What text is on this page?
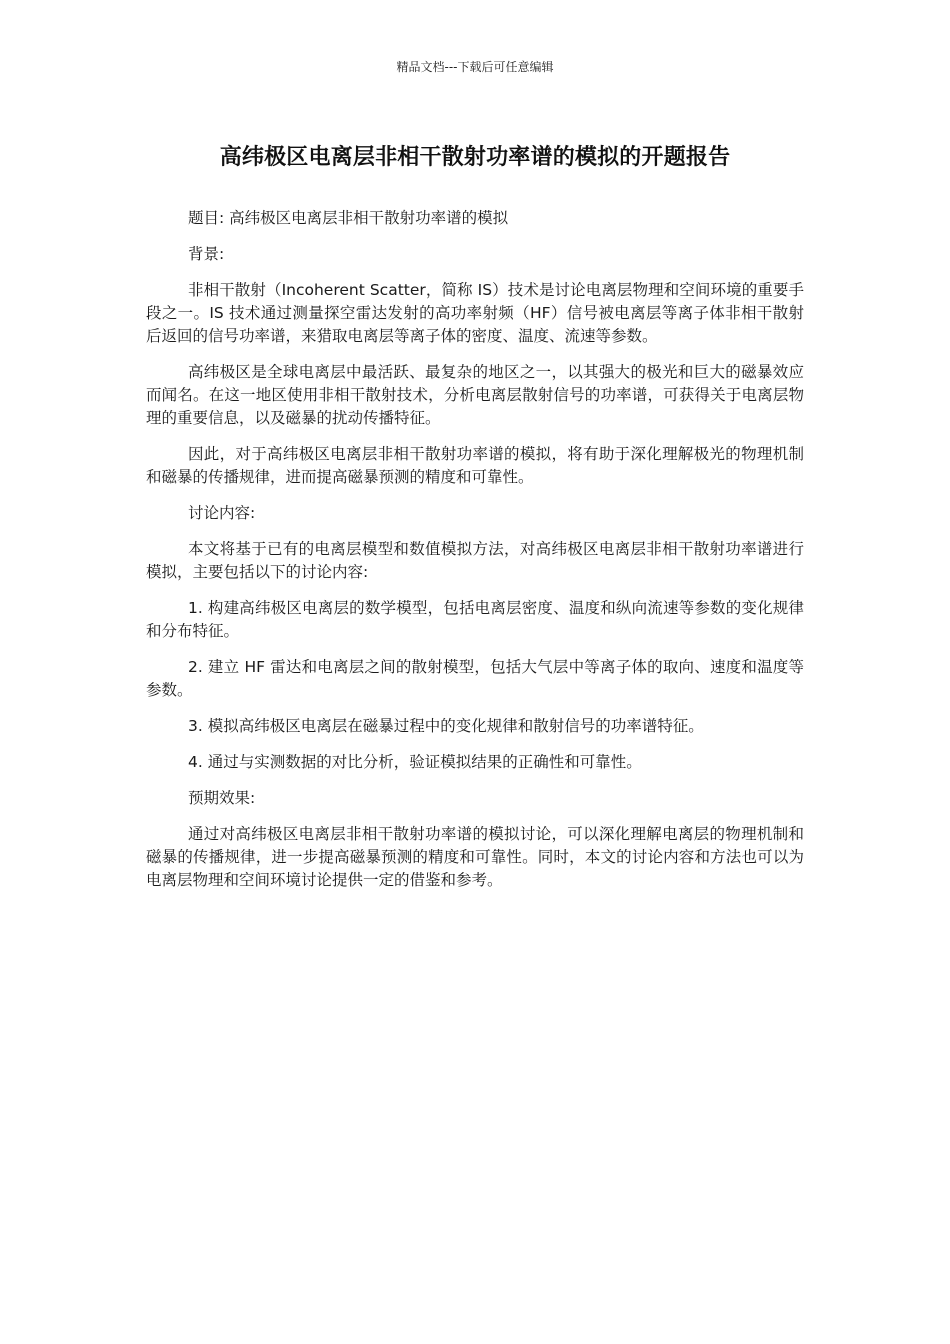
精品文档---下载后可任意编辑
高纬极区电离层非相干散射功率谱的模拟的开题报告

题目: 高纬极区电离层非相干散射功率谱的模拟

背景:

非相干散射（Incoherent Scatter，简称 IS）技术是讨论电离层物理和空间环境的重要手段之一。IS 技术通过测量探空雷达发射的高功率射频（HF）信号被电离层等离子体非相干散射后返回的信号功率谱，来猎取电离层等离子体的密度、温度、流速等参数。

高纬极区是全球电离层中最活跃、最复杂的地区之一，以其强大的极光和巨大的磁暴效应而闻名。在这一地区使用非相干散射技术，分析电离层散射信号的功率谱，可获得关于电离层物理的重要信息，以及磁暴的扰动传播特征。

因此，对于高纬极区电离层非相干散射功率谱的模拟，将有助于深化理解极光的物理机制和磁暴的传播规律，进而提高磁暴预测的精度和可靠性。

讨论内容:

本文将基于已有的电离层模型和数值模拟方法，对高纬极区电离层非相干散射功率谱进行模拟，主要包括以下的讨论内容:

1. 构建高纬极区电离层的数学模型，包括电离层密度、温度和纵向流速等参数的变化规律和分布特征。

2. 建立 HF 雷达和电离层之间的散射模型，包括大气层中等离子体的取向、速度和温度等参数。

3. 模拟高纬极区电离层在磁暴过程中的变化规律和散射信号的功率谱特征。

4. 通过与实测数据的对比分析，验证模拟结果的正确性和可靠性。

预期效果:

通过对高纬极区电离层非相干散射功率谱的模拟讨论，可以深化理解电离层的物理机制和磁暴的传播规律，进一步提高磁暴预测的精度和可靠性。同时，本文的讨论内容和方法也可以为电离层物理和空间环境讨论提供一定的借鉴和参考。
